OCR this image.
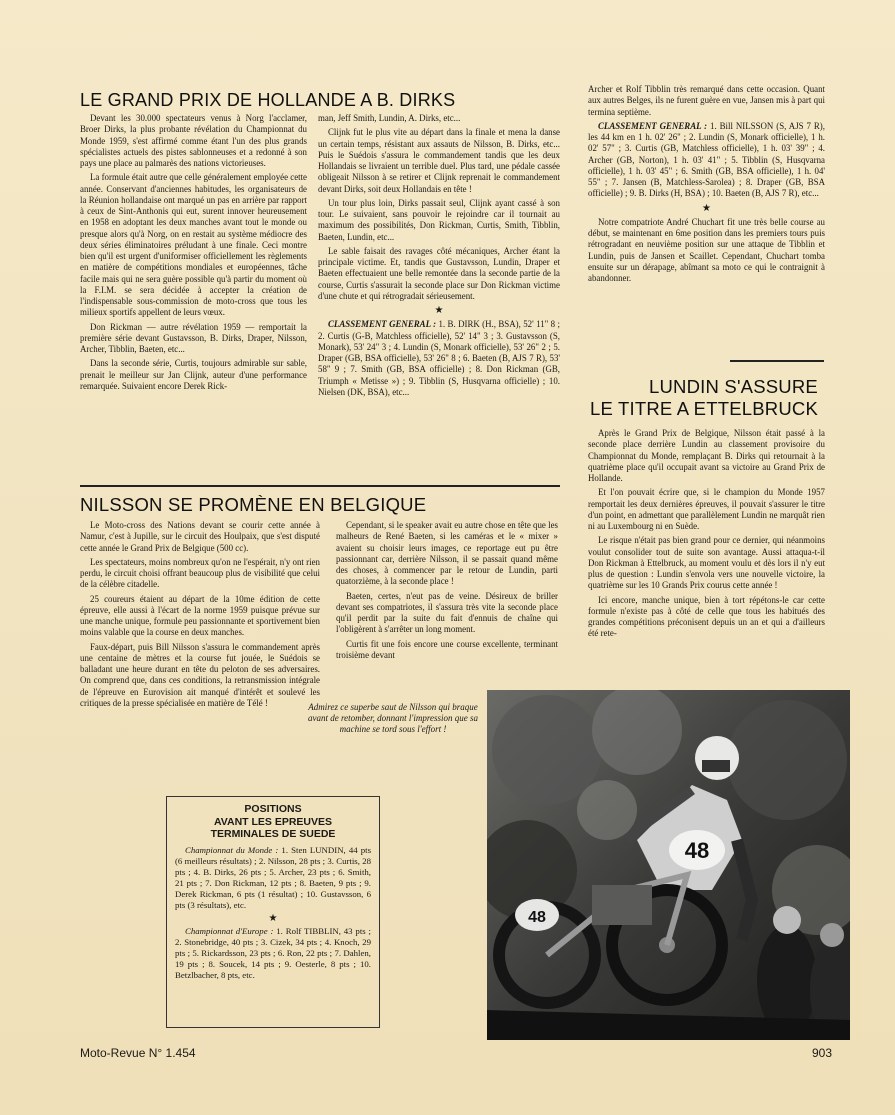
LE GRAND PRIX DE HOLLANDE A B. DIRKS

Devant les 30.000 spectateurs venus à Norg l'acclamer, Broer Dirks, la plus probante révélation du Championnat du Monde 1959, s'est affirmé comme étant l'un des plus grands spécialistes actuels des pistes sablonneuses et a redonné à son pays une place au palmarès des nations victorieuses.

La formule était autre que celle généralement employée cette année. Conservant d'anciennes habitudes, les organisateurs de la Réunion hollandaise ont marqué un pas en arrière par rapport à ceux de Sint-Anthonis qui eut, surent innover heureusement en 1958 en adoptant les deux manches avant tout le monde ou presque alors qu'à Norg, on en restait au système médiocre des deux séries éliminatoires préludant à une finale. Ceci montre bien qu'il est urgent d'uniformiser officiellement les règlements en matière de compétitions mondiales et européennes, tâche facile mais qui ne sera guère possible qu'à partir du moment où la F.I.M. se sera décidée à accepter la création de l'indispensable sous-commission de moto-cross que tous les milieux sportifs appellent de leurs vœux.

Don Rickman — autre révélation 1959 — remportait la première série devant Gustavsson, B. Dirks, Draper, Nilsson, Archer, Tibblin, Baeten, etc...

Dans la seconde série, Curtis, toujours admirable sur sable, prenait le meilleur sur Jan Clijnk, auteur d'une performance remarquée. Suivaient encore Derek Rick-

man, Jeff Smith, Lundin, A. Dirks, etc...

Clijnk fut le plus vite au départ dans la finale et mena la danse un certain temps, résistant aux assauts de Nilsson, B. Dirks, etc... Puis le Suédois s'assura le commandement tandis que les deux Hollandais se livraient un terrible duel. Plus tard, une pédale cassée obligeait Nilsson à se retirer et Clijnk reprenait le commandement devant Dirks, soit deux Hollandais en tête !

Un tour plus loin, Dirks passait seul, Clijnk ayant cassé à son tour. Le suivaient, sans pouvoir le rejoindre car il tournait au maximum des possibilités, Don Rickman, Curtis, Smith, Tibblin, Baeten, Lundin, etc...

Le sable faisait des ravages côté mécaniques, Archer étant la principale victime. Et, tandis que Gustavsson, Lundin, Draper et Baeten effectuaient une belle remontée dans la seconde partie de la course, Curtis s'assurait la seconde place sur Don Rickman victime d'une chute et qui rétrogradait sérieusement.

★

CLASSEMENT GENERAL : 1. B. DIRK (H., BSA), 52' 11" 8 ; 2. Curtis (G-B, Matchless officielle), 52' 14" 3 ; 3. Gustavsson (S, Monark), 53' 24" 3 ; 4. Lundin (S, Monark officielle), 53' 26" 2 ; 5. Draper (GB, BSA officielle), 53' 26" 8 ; 6. Baeten (B, AJS 7 R), 53' 58" 9 ; 7. Smith (GB, BSA officielle) ; 8. Don Rickman (GB, Triumph « Metisse ») ; 9. Tibblin (S, Husqvarna officielle) ; 10. Nielsen (DK, BSA), etc...

Archer et Rolf Tibblin très remarqué dans cette occasion. Quant aux autres Belges, ils ne furent guère en vue, Jansen mis à part qui termina septième.

CLASSEMENT GENERAL : 1. Bill NILSSON (S, AJS 7 R), les 44 km en 1 h. 02' 26" ; 2. Lundin (S, Monark officielle), 1 h. 02' 57" ; 3. Curtis (GB, Matchless officielle), 1 h. 03' 39" ; 4. Archer (GB, Norton), 1 h. 03' 41" ; 5. Tibblin (S, Husqvarna officielle), 1 h. 03' 45" ; 6. Smith (GB, BSA officielle), 1 h. 04' 55" ; 7. Jansen (B, Matchless-Sarolea) ; 8. Draper (GB, BSA officielle) ; 9. B. Dirks (H, BSA) ; 10. Baeten (B, AJS 7 R), etc...

★

Notre compatriote André Chuchart fit une très belle course au début, se maintenant en 6me position dans les premiers tours puis rétrogradant en neuvième position sur une attaque de Tibblin et Lundin, puis de Jansen et Scaillet. Cependant, Chuchart tomba ensuite sur un dérapage, abîmant sa moto ce qui le contraignit à abandonner.

NILSSON SE PROMÈNE EN BELGIQUE

Le Moto-cross des Nations devant se courir cette année à Namur, c'est à Jupille, sur le circuit des Houlpaix, que s'est disputé cette année le Grand Prix de Belgique (500 cc).

Les spectateurs, moins nombreux qu'on ne l'espérait, n'y ont rien perdu, le circuit choisi offrant beaucoup plus de visibilité que celui de la célèbre citadelle.

25 coureurs étaient au départ de la 10me édition de cette épreuve, elle aussi à l'écart de la norme 1959 puisque prévue sur une manche unique, formule peu passionnante et sportivement bien moins valable que la course en deux manches.

Faux-départ, puis Bill Nilsson s'assura le commandement après une centaine de mètres et la course fut jouée, le Suédois se balladant une heure durant en tête du peloton de ses adversaires. On comprend que, dans ces conditions, la retransmission intégrale de l'épreuve en Eurovision ait manqué d'intérêt et soulevé les critiques de la presse spécialisée en matière de Télé !

Cependant, si le speaker avait eu autre chose en tête que les malheurs de René Baeten, si les caméras et le « mixer » avaient su choisir leurs images, ce reportage eut pu être passionnant car, derrière Nilsson, il se passait quand même des choses, à commencer par le retour de Lundin, parti quatorzième, à la seconde place !

Baeten, certes, n'eut pas de veine. Désireux de briller devant ses compatriotes, il s'assura très vite la seconde place qu'il perdit par la suite du fait d'ennuis de chaîne qui l'obligèrent à s'arrêter un long moment.

Curtis fit une fois encore une course excellente, terminant troisième devant

LUNDIN S'ASSURE
LE TITRE A ETTELBRUCK

Après le Grand Prix de Belgique, Nilsson était passé à la seconde place derrière Lundin au classement provisoire du Championnat du Monde, remplaçant B. Dirks qui retournait à la quatrième place qu'il occupait avant sa victoire au Grand Prix de Hollande.

Et l'on pouvait écrire que, si le champion du Monde 1957 remportait les deux dernières épreuves, il pouvait s'assurer le titre d'un point, en admettant que parallèlement Lundin ne marquât rien ni au Luxembourg ni en Suède.

Le risque n'était pas bien grand pour ce dernier, qui néanmoins voulut consolider tout de suite son avantage. Aussi attaqua-t-il Don Rickman à Ettelbruck, au moment voulu et dès lors il n'y eut plus de question : Lundin s'envola vers une nouvelle victoire, la quatrième sur les 10 Grands Prix courus cette année !

Ici encore, manche unique, bien à tort répétons-le car cette formule n'existe pas à côté de celle que tous les habitués des grandes compétitions préconisent depuis un an et qui a d'ailleurs été rete-

Admirez ce superbe saut de Nilsson qui braque avant de retomber, donnant l'impression que sa machine se tord sous l'effort !
48
48
POSITIONS
AVANT LES EPREUVES
TERMINALES DE SUEDE

Championnat du Monde : 1. Sten LUNDIN, 44 pts (6 meilleurs résultats) ; 2. Nilsson, 28 pts ; 3. Curtis, 28 pts ; 4. B. Dirks, 26 pts ; 5. Archer, 23 pts ; 6. Smith, 21 pts ; 7. Don Rickman, 12 pts ; 8. Baeten, 9 pts ; 9. Derek Rickman, 6 pts (1 résultat) ; 10. Gustavsson, 6 pts (3 résultats), etc.

★

Championnat d'Europe : 1. Rolf TIBBLIN, 43 pts ; 2. Stonebridge, 40 pts ; 3. Cizek, 34 pts ; 4. Knoch, 29 pts ; 5. Rickardsson, 23 pts ; 6. Ron, 22 pts ; 7. Dahlen, 19 pts ; 8. Soucek, 14 pts ; 9. Oesterle, 8 pts ; 10. Betzlbacher, 8 pts, etc.

Moto-Revue N° 1.454	903
